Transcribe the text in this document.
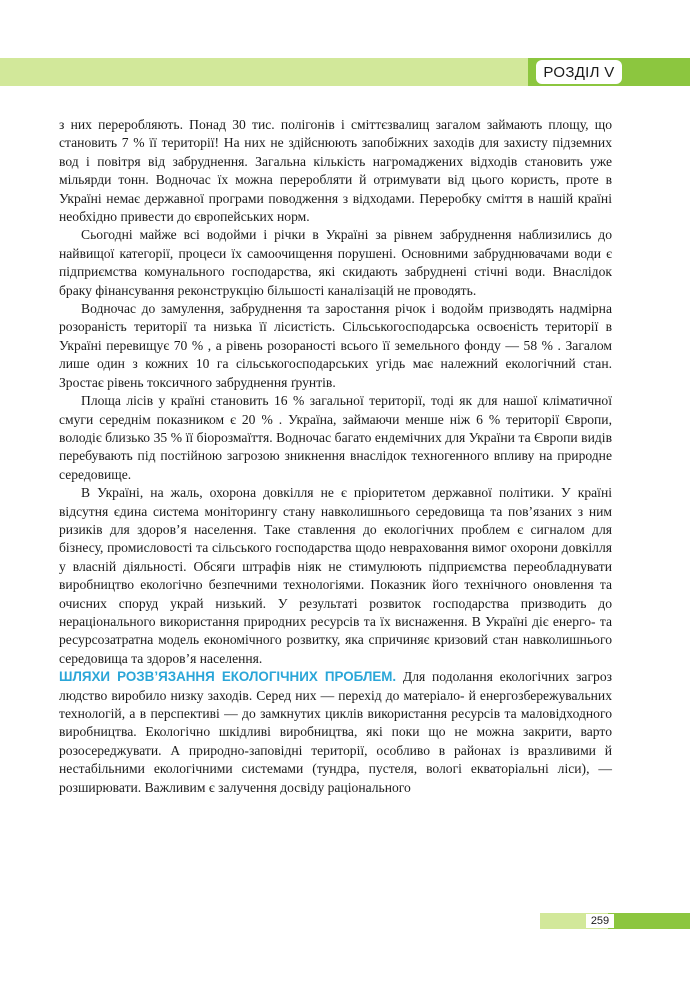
РОЗДІЛ V

з них переробляють. Понад 30 тис. полігонів і сміттєзвалищ загалом займають площу, що становить 7 % її території! На них не здійснюють запобіжних заходів для захисту підземних вод і повітря від забруднення. Загальна кількість нагромаджених відходів становить уже мільярди тонн. Водночас їх можна переробляти й отримувати від цього користь, проте в Україні немає державної програми поводження з відходами. Переробку сміття в нашій країні необхідно привести до європейських норм.

Сьогодні майже всі водойми і річки в Україні за рівнем забруднення наблизились до найвищої категорії, процеси їх самоочищення порушені. Основними забруднювачами води є підприємства комунального господарства, які скидають забруднені стічні води. Внаслідок браку фінансування реконструкцію більшості каналізацій не проводять.

Водночас до замулення, забруднення та заростання річок і водойм призводять надмірна розораність території та низька її лісистість. Сільськогосподарська освоєність території в Україні перевищує 70 % , а рівень розораності всього її земельного фонду — 58 % . Загалом лише один з кожних 10 га сільськогосподарських угідь має належний екологічний стан. Зростає рівень токсичного забруднення ґрунтів.

Площа лісів у країні становить 16 % загальної території, тоді як для нашої кліматичної смуги середнім показником є 20 % . Україна, займаючи менше ніж 6 % території Європи, володіє близько 35 % її біорозмаїття. Водночас багато ендемічних для України та Європи видів перебувають під постійною загрозою зникнення внаслідок техногенного впливу на природне середовище.

В Україні, на жаль, охорона довкілля не є пріоритетом державної політики. У країні відсутня єдина система моніторингу стану навколишнього середовища та пов’язаних з ним ризиків для здоров’я населення. Таке ставлення до екологічних проблем є сигналом для бізнесу, промисловості та сільського господарства щодо невраховання вимог охорони довкілля у власній діяльності. Обсяги штрафів ніяк не стимулюють підприємства переобладнувати виробництво екологічно безпечними технологіями. Показник його технічного оновлення та очисних споруд украй низький. У результаті розвиток господарства призводить до нераціонального використання природних ресурсів та їх виснаження. В Україні діє енерго- та ресурсозатратна модель економічного розвитку, яка спричиняє кризовий стан навколишнього середовища та здоров’я населення.

ШЛЯХИ РОЗВ’ЯЗАННЯ ЕКОЛОГІЧНИХ ПРОБЛЕМ. Для подолання екологічних загроз людство виробило низку заходів. Серед них — перехід до матеріало- й енергозбережувальних технологій, а в перспективі — до замкнутих циклів використання ресурсів та маловідходного виробництва. Екологічно шкідливі виробництва, які поки що не можна закрити, варто розосереджувати. А природно-заповідні території, особливо в районах із вразливими й нестабільними екологічними системами (тундра, пустеля, вологі екваторіальні ліси), — розширювати. Важливим є залучення досвіду раціонального

259
